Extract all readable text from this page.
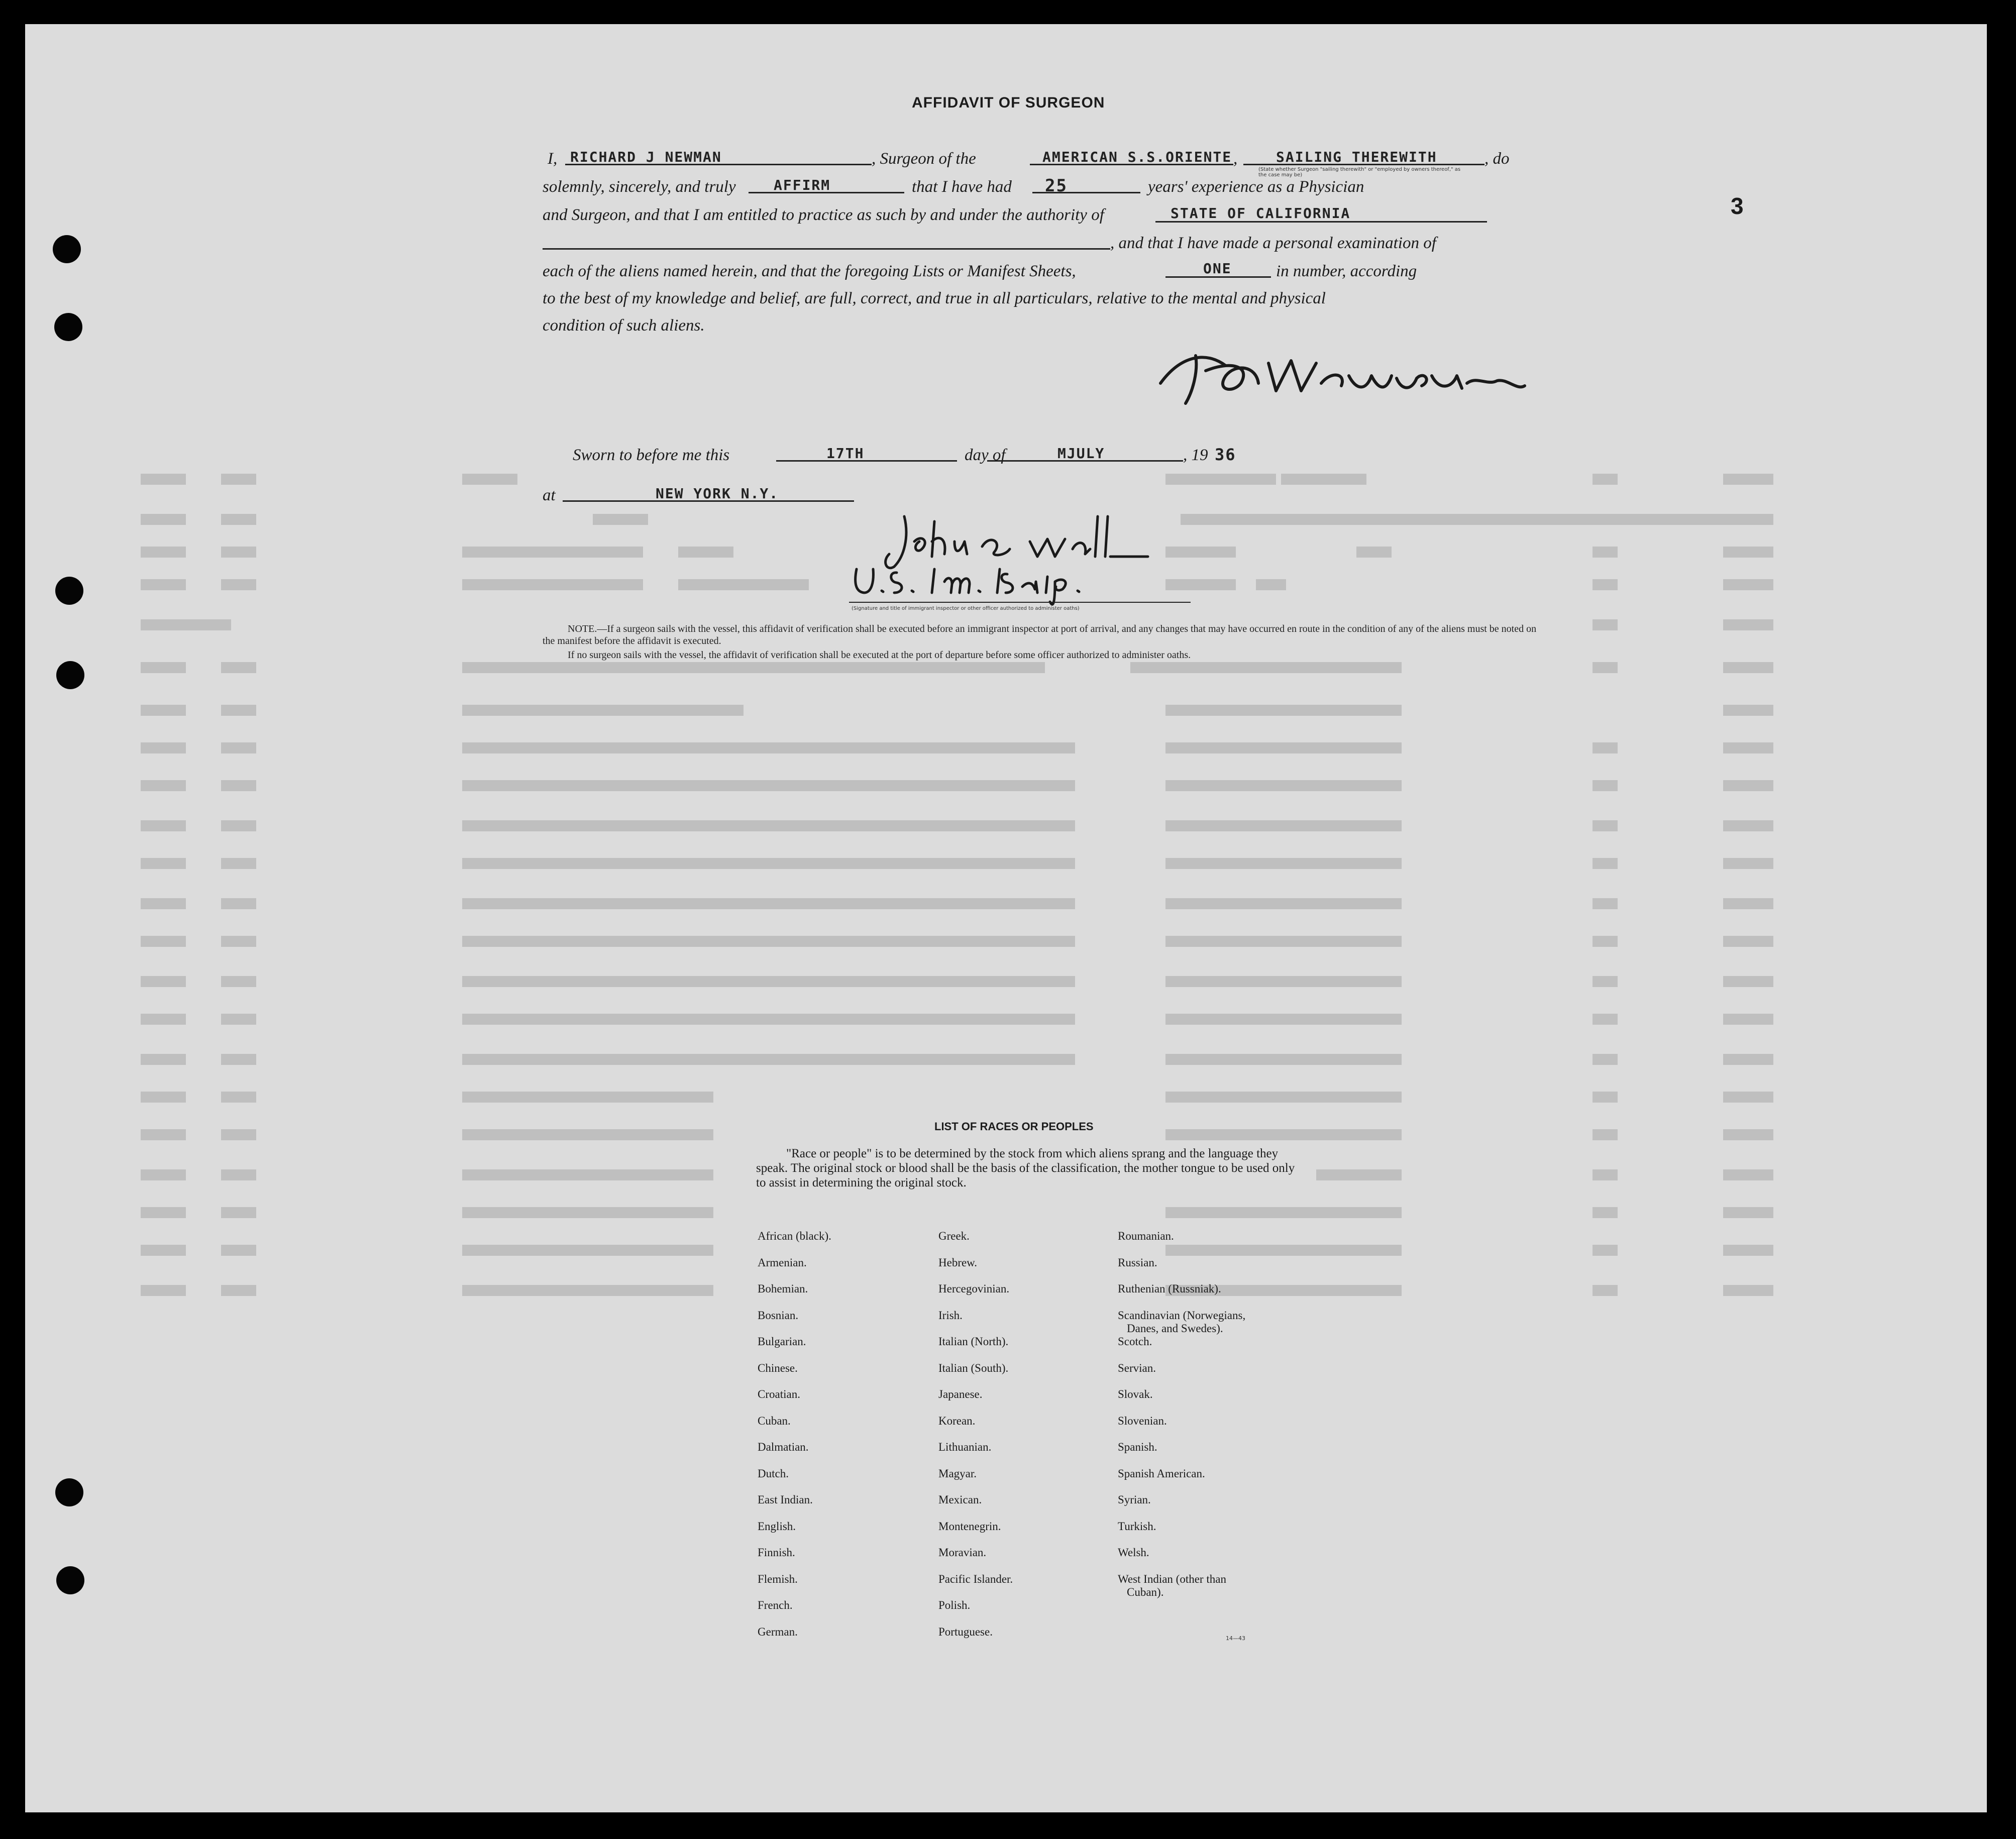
AFFIDAVIT OF SURGEON
3
I, RICHARD J NEWMAN	, Surgeon of the	AMERICAN S.S.ORIENTE ,	SAILING THEREWITH
(State whether Surgeon "sailing therewith" or "employed by owners thereof," as the case may be)
, do
solemnly, sincerely, and truly	AFFIRM	that I have had 25	years' experience as a Physician
and Surgeon, and that I am entitled to practice as such by and under the authority of	STATE OF CALIFORNIA
, and that I have made a personal examination of
each of the aliens named herein, and that the foregoing Lists or Manifest Sheets,	ONE	in number, according
to the best of my knowledge and belief, are full, correct, and true in all particulars, relative to the mental and physical
condition of such aliens.
Sworn to before me this	17TH	day of	MJULY	, 19 36
at	NEW YORK N.Y.
(Signature and title of immigrant inspector or other officer authorized to administer oaths)
NOTE.—If a surgeon sails with the vessel, this affidavit of verification shall be executed before an immigrant inspector at port of arrival, and any changes that may have occurred en route in the condition of any of the aliens must be noted on the manifest before the affidavit is executed.
If no surgeon sails with the vessel, the affidavit of verification shall be executed at the port of departure before some officer authorized to administer oaths.
LIST OF RACES OR PEOPLES
"Race or people" is to be determined by the stock from which aliens sprang and the language they speak. The original stock or blood shall be the basis of the classification, the mother tongue to be used only to assist in determining the original stock.
African (black).
Armenian.
Bohemian.
Bosnian.
Bulgarian.
Chinese.
Croatian.
Cuban.
Dalmatian.
Dutch.
East Indian.
English.
Finnish.
Flemish.
French.
German.
Greek.
Hebrew.
Hercegovinian.
Irish.
Italian (North).
Italian (South).
Japanese.
Korean.
Lithuanian.
Magyar.
Mexican.
Montenegrin.
Moravian.
Pacific Islander.
Polish.
Portuguese.
Roumanian.
Russian.
Ruthenian (Russniak).
Scandinavian (Norwegians,
Danes, and Swedes).
Scotch.
Servian.
Slovak.
Slovenian.
Spanish.
Spanish American.
Syrian.
Turkish.
Welsh.
West Indian (other than
Cuban).
14—43
